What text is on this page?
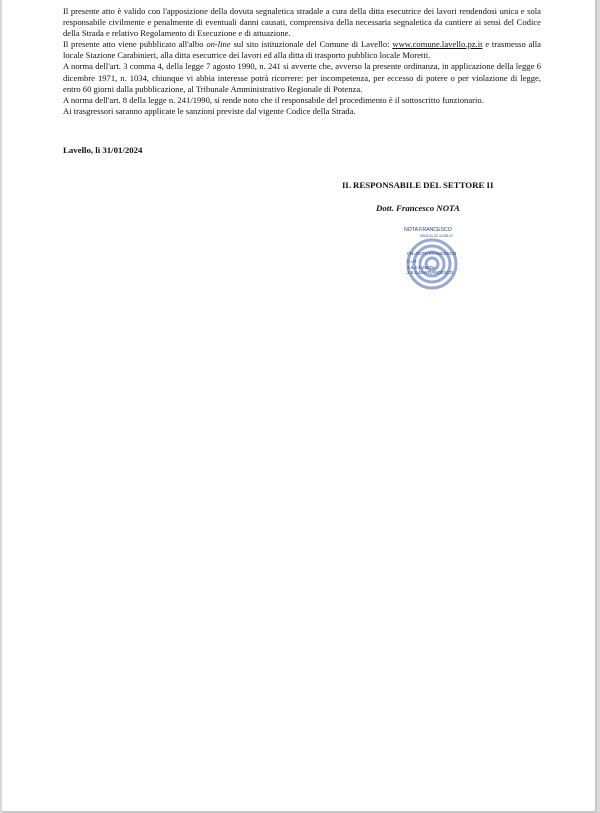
Il presente atto è valido con l'apposizione della dovuta segnaletica stradale a cura della ditta esecutrice dei lavori rendendosi unica e sola responsabile civilmente e penalmente di eventuali danni causati, comprensiva della necessaria segnaletica da cantiere ai sensi del Codice della Strada e relativo Regolamento di Esecuzione e di attuazione.

Il presente atto viene pubblicato all'albo on-line sul sito istituzionale del Comune di Lavello: www.comune.lavello.pz.it e trasmesso alla locale Stazione Carabinieri, alla ditta esecutrice dei lavori ed alla ditta di trasporto pubblico locale Moretti.

A norma dell'art. 3 comma 4, della legge 7 agosto 1990, n. 241 si avverte che, avverso la presente ordinanza, in applicazione della legge 6 dicembre 1971, n. 1034, chiunque vi abbia interesse potrà ricorrere: per incompetenza, per eccesso di potere o per violazione di legge, entro 60 giorni dalla pubblicazione, al Tribunale Amministrativo Regionale di Potenza.

A norma dell'art. 8 della legge n. 241/1990, si rende noto che il responsabile del procedimento è il sottoscritto funzionario.

Ai trasgressori saranno applicate le sanzioni previste dal vigente Codice della Strada.

Lavello, lì 31/01/2024
IL RESPONSABILE DEL SETTORE II
Dott. Francesco NOTA
NOTA FRANCESCO
2024.01.31 12:55:17
CN=NOTA FRANCESCO
C=IT
2.5.4.4=NOTA
2.5.4.42=FRANCESCO
